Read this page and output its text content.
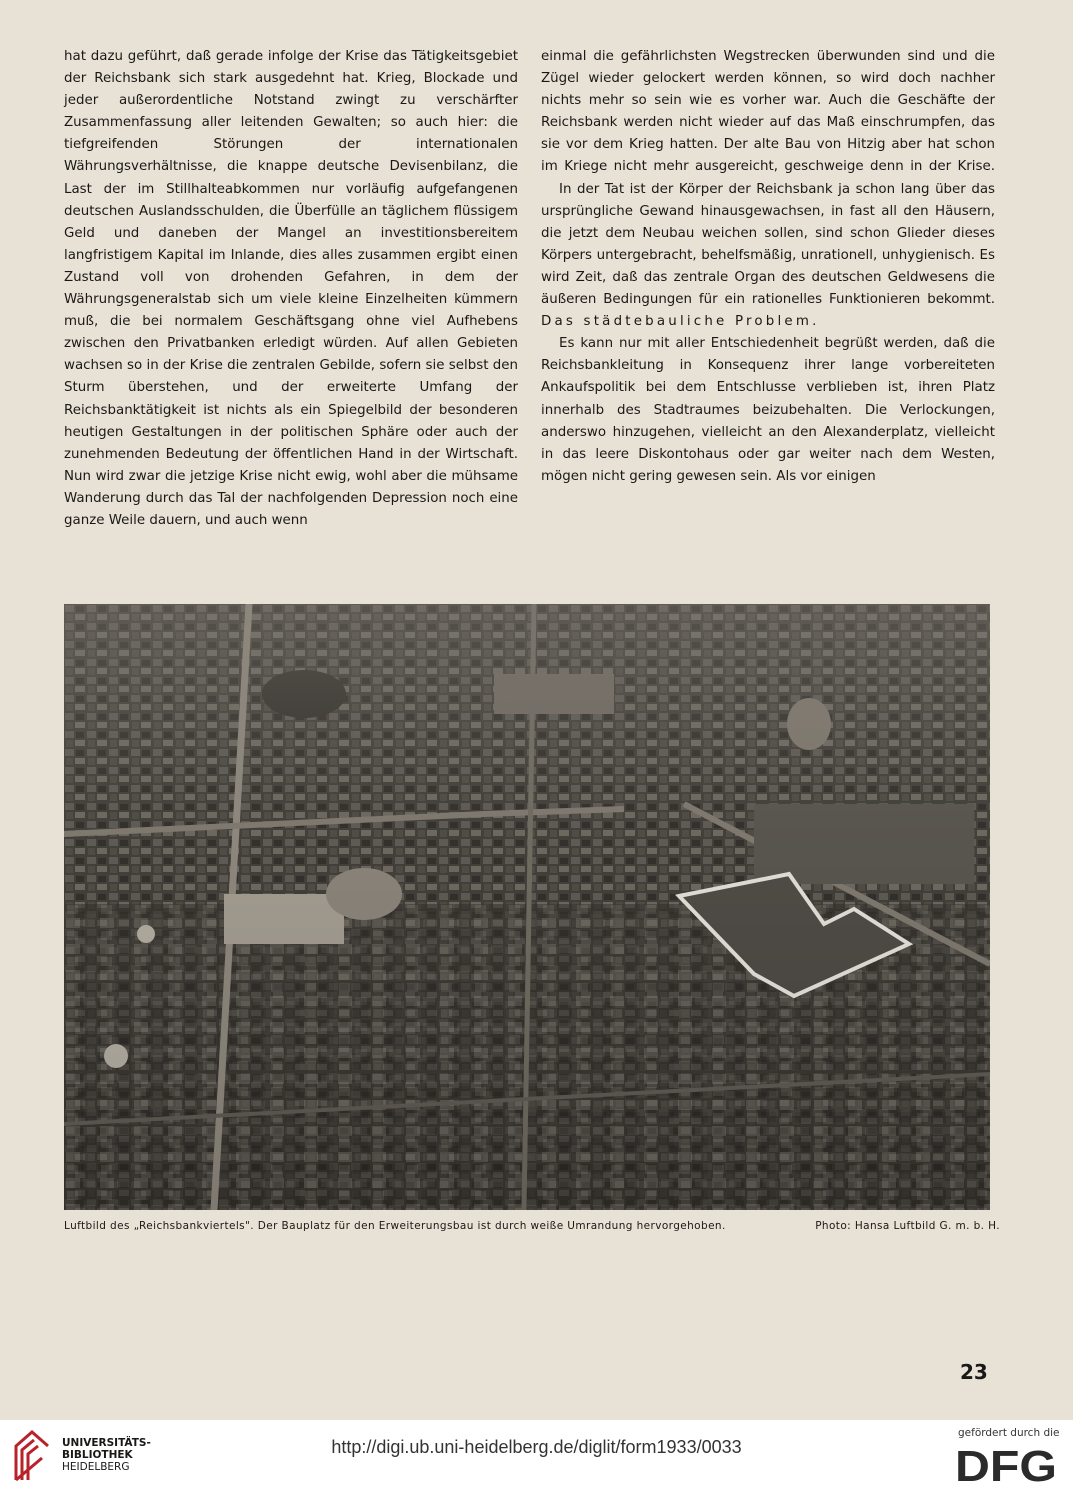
hat dazu geführt, daß gerade infolge der Krise das Tätigkeitsgebiet der Reichsbank sich stark ausgedehnt hat. Krieg, Blockade und jeder außerordentliche Notstand zwingt zu verschärfter Zusammenfassung aller leitenden Gewalten; so auch hier: die tiefgreifenden Störungen der internationalen Währungsverhältnisse, die knappe deutsche Devisenbilanz, die Last der im Stillhalteabkommen nur vorläufig aufgefangenen deutschen Auslandsschulden, die Überfülle an täglichem flüssigem Geld und daneben der Mangel an investitionsbereitem langfristigem Kapital im Inlande, dies alles zusammen ergibt einen Zustand voll von drohenden Gefahren, in dem der Währungsgeneralstab sich um viele kleine Einzelheiten kümmern muß, die bei normalem Geschäftsgang ohne viel Aufhebens zwischen den Privatbanken erledigt würden. Auf allen Gebieten wachsen so in der Krise die zentralen Gebilde, sofern sie selbst den Sturm überstehen, und der erweiterte Umfang der Reichsbanktätigkeit ist nichts als ein Spiegelbild der besonderen heutigen Gestaltungen in der politischen Sphäre oder auch der zunehmenden Bedeutung der öffentlichen Hand in der Wirtschaft. Nun wird zwar die jetzige Krise nicht ewig, wohl aber die mühsame Wanderung durch das Tal der nachfolgenden Depression noch eine ganze Weile dauern, und auch wenn

einmal die gefährlichsten Wegstrecken überwunden sind und die Zügel wieder gelockert werden können, so wird doch nachher nichts mehr so sein wie es vorher war. Auch die Geschäfte der Reichsbank werden nicht wieder auf das Maß einschrumpfen, das sie vor dem Krieg hatten. Der alte Bau von Hitzig aber hat schon im Kriege nicht mehr ausgereicht, geschweige denn in der Krise.

In der Tat ist der Körper der Reichsbank ja schon lang über das ursprüngliche Gewand hinausgewachsen, in fast all den Häusern, die jetzt dem Neubau weichen sollen, sind schon Glieder dieses Körpers untergebracht, behelfsmäßig, unrationell, unhygienisch. Es wird Zeit, daß das zentrale Organ des deutschen Geldwesens die äußeren Bedingungen für ein rationelles Funktionieren bekommt.

Das städtebauliche Problem.

Es kann nur mit aller Entschiedenheit begrüßt werden, daß die Reichsbankleitung in Konsequenz ihrer lange vorbereiteten Ankaufspolitik bei dem Entschlusse verblieben ist, ihren Platz innerhalb des Stadtraumes beizubehalten. Die Verlockungen, anderswo hinzugehen, vielleicht an den Alexanderplatz, vielleicht in das leere Diskontohaus oder gar weiter nach dem Westen, mögen nicht gering gewesen sein. Als vor einigen

Luftbild des „Reichsbankviertels". Der Bauplatz für den Erweiterungsbau ist durch weiße Umrandung hervorgehoben.	Photo: Hansa Luftbild G. m. b. H.
23
UNIVERSITÄTS-
BIBLIOTHEK
HEIDELBERG
http://digi.ub.uni-heidelberg.de/diglit/form1933/0033
gefördert durch die
DFG
